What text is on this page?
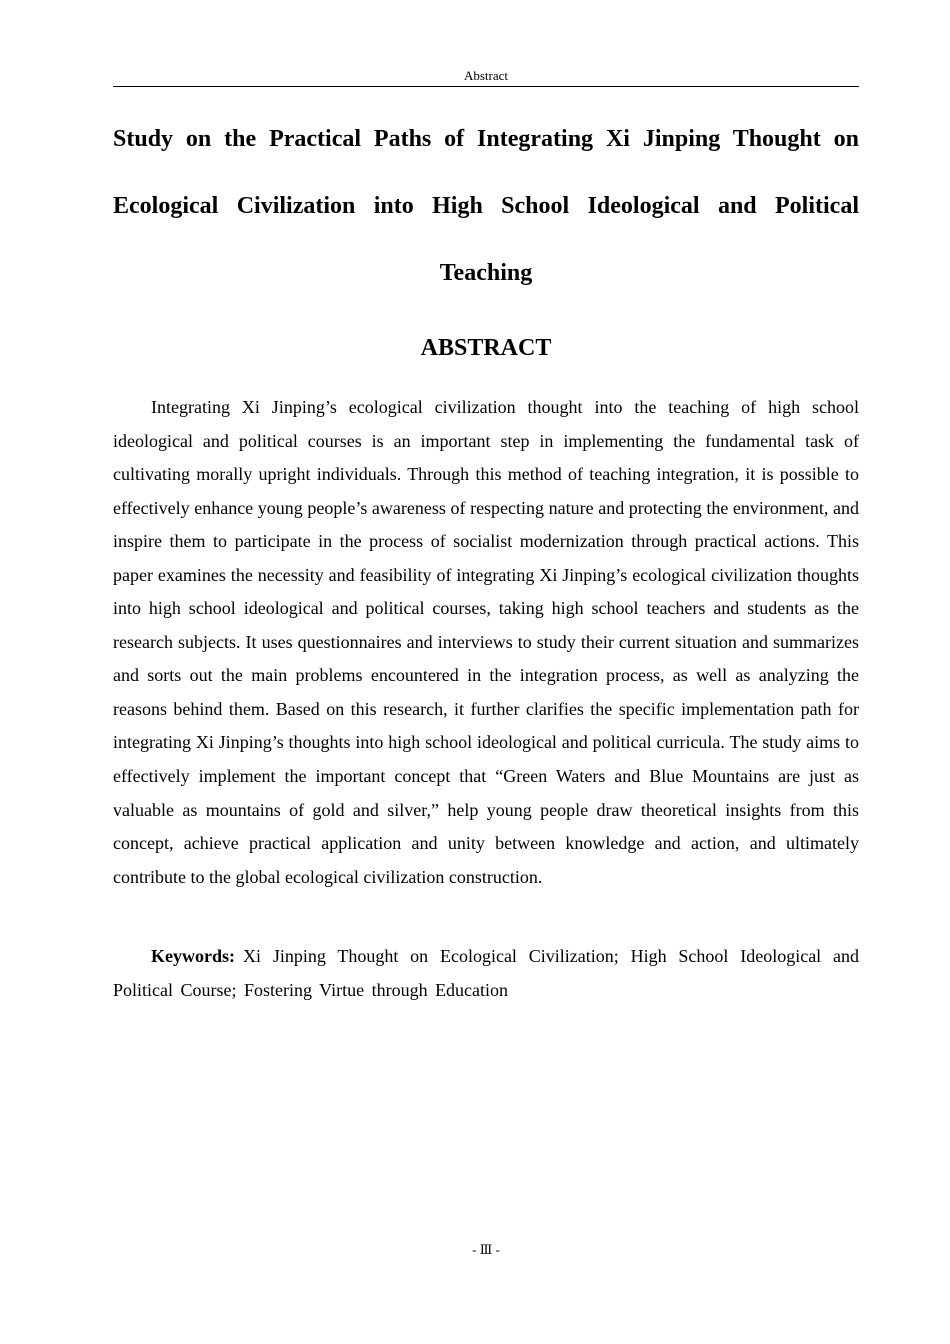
Abstract
Study on the Practical Paths of Integrating Xi Jinping Thought on Ecological Civilization into High School Ideological and Political Teaching
ABSTRACT

Integrating Xi Jinping’s ecological civilization thought into the teaching of high school ideological and political courses is an important step in implementing the fundamental task of cultivating morally upright individuals. Through this method of teaching integration, it is possible to effectively enhance young people’s awareness of respecting nature and protecting the environment, and inspire them to participate in the process of socialist modernization through practical actions. This paper examines the necessity and feasibility of integrating Xi Jinping’s ecological civilization thoughts into high school ideological and political courses, taking high school teachers and students as the research subjects. It uses questionnaires and interviews to study their current situation and summarizes and sorts out the main problems encountered in the integration process, as well as analyzing the reasons behind them. Based on this research, it further clarifies the specific implementation path for integrating Xi Jinping’s thoughts into high school ideological and political curricula. The study aims to effectively implement the important concept that “Green Waters and Blue Mountains are just as valuable as mountains of gold and silver,” help young people draw theoretical insights from this concept, achieve practical application and unity between knowledge and action, and ultimately contribute to the global ecological civilization construction.

Keywords: Xi Jinping Thought on Ecological Civilization; High School Ideological and Political Course; Fostering Virtue through Education

- Ⅲ -
